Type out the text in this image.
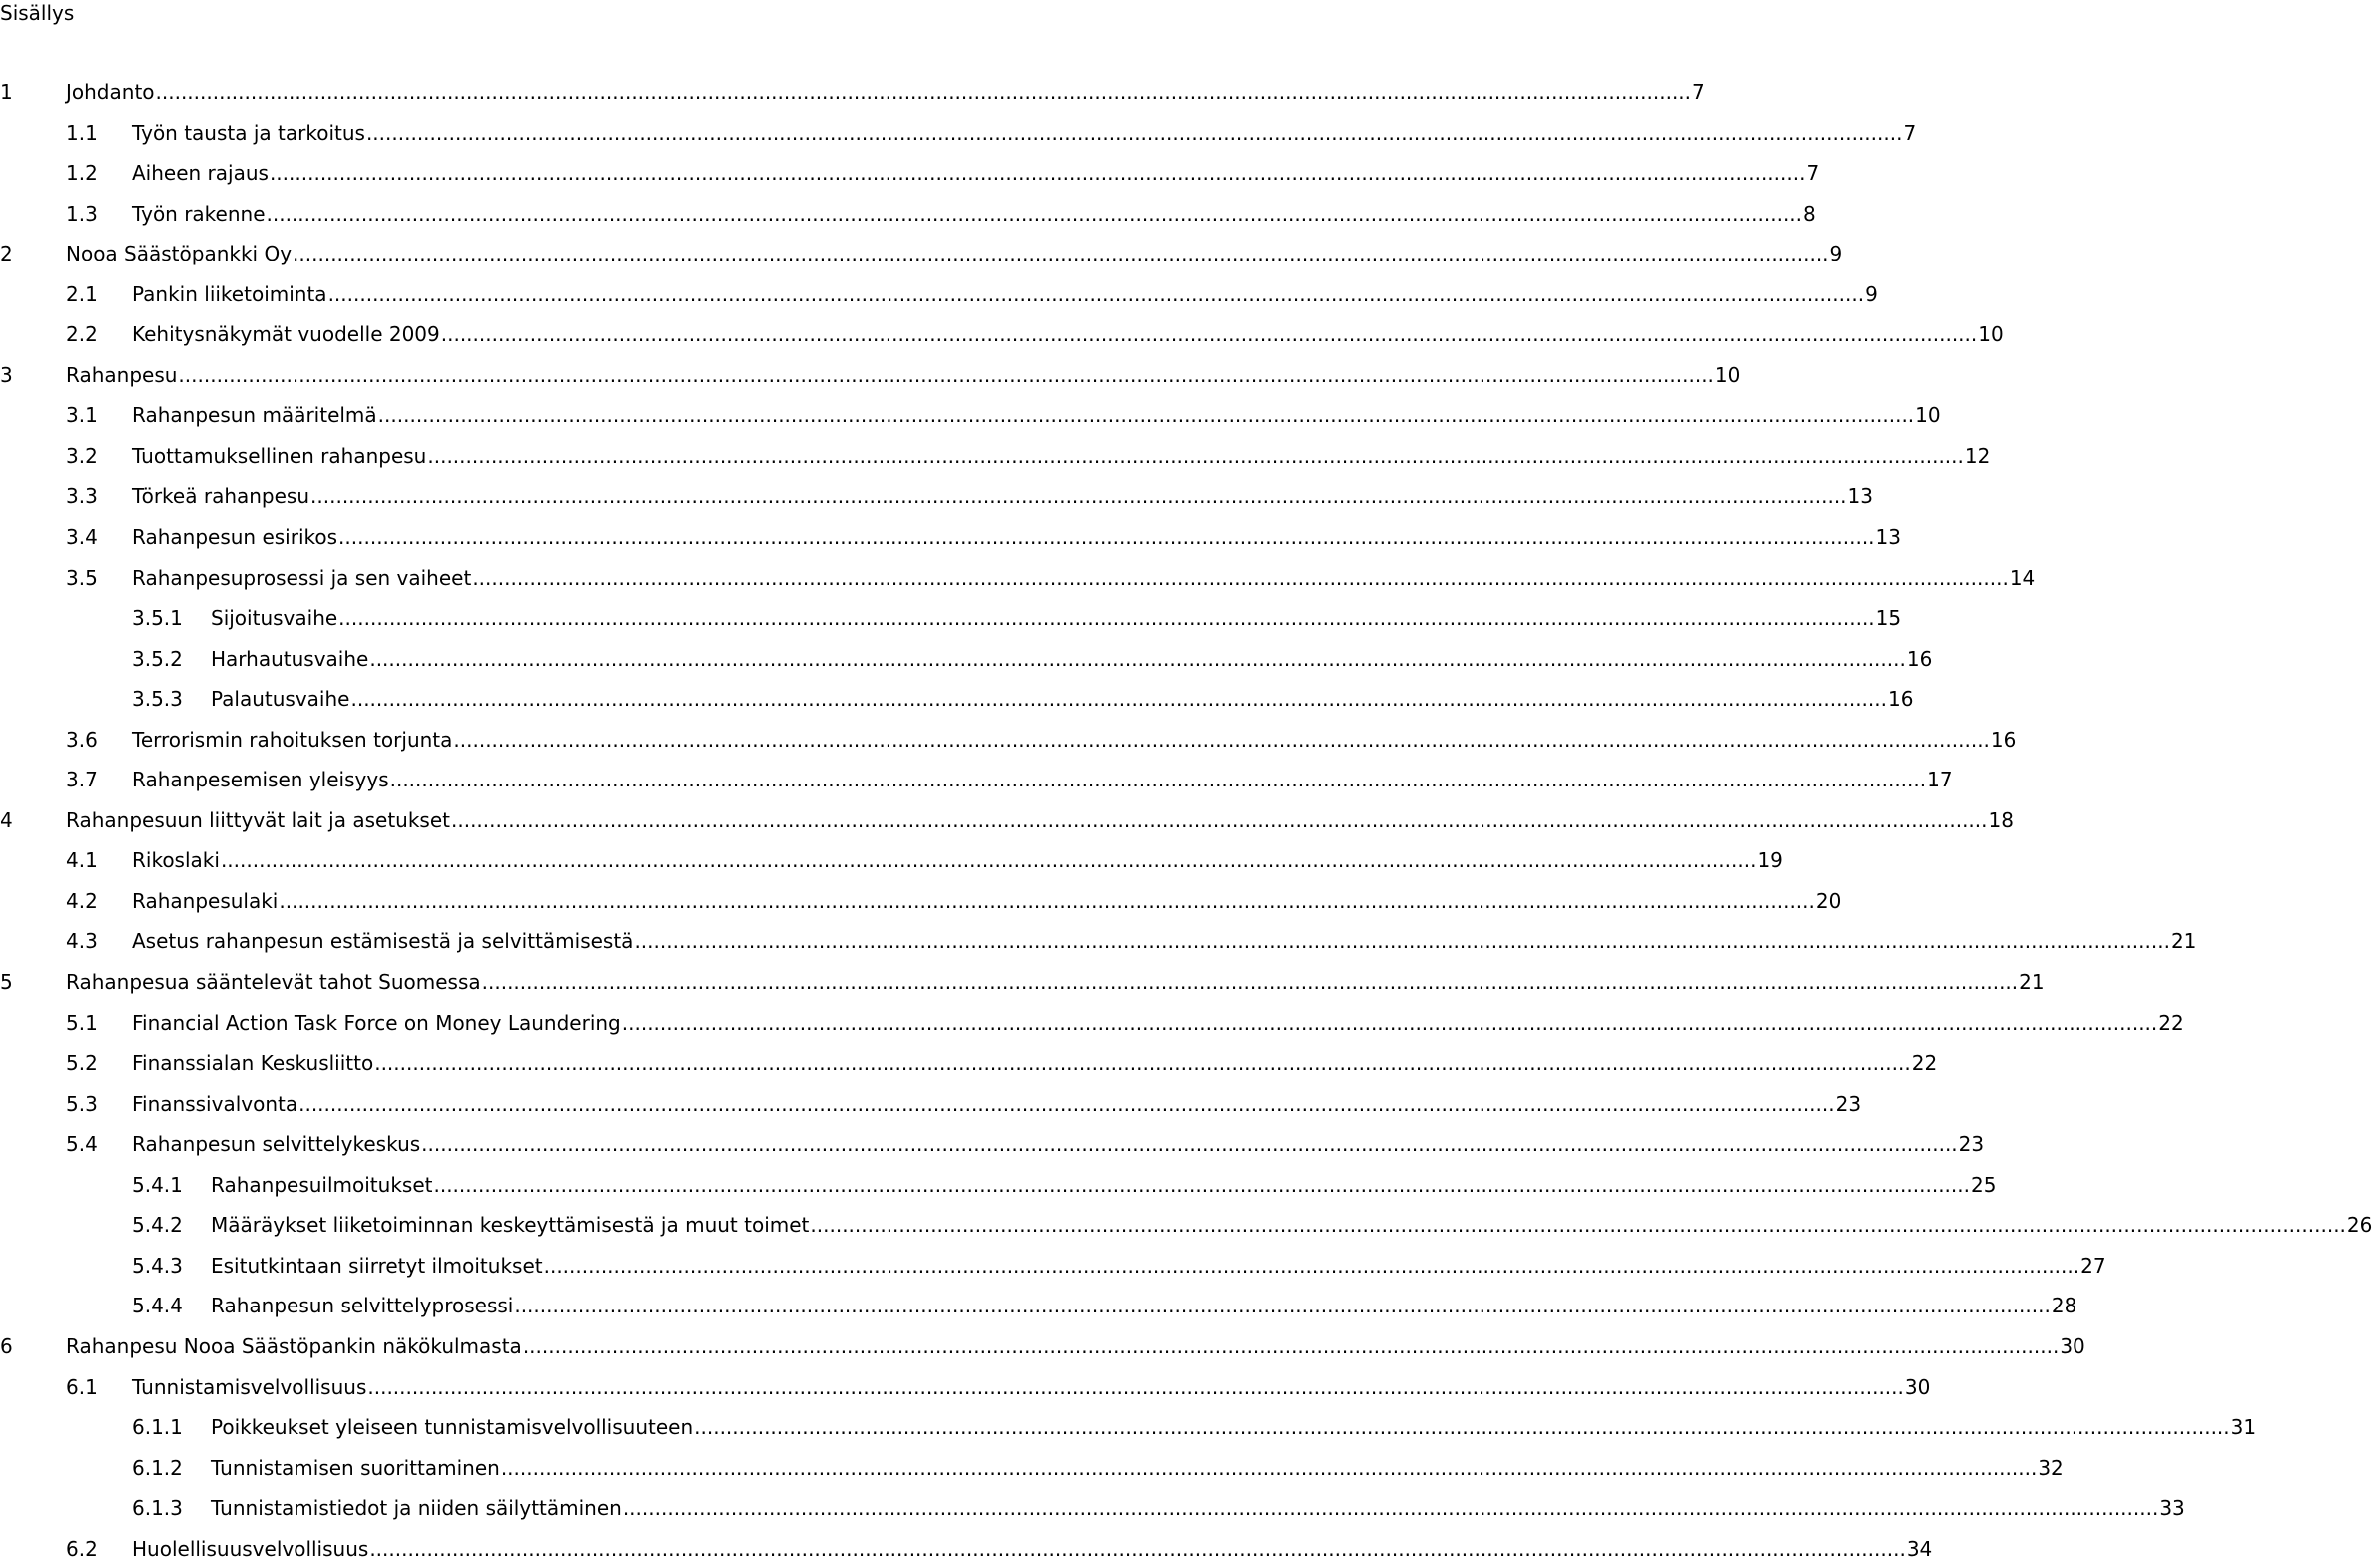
Sisällys
1	Johdanto .................................................................................................................................................................................................................................................. 7
1.1 Työn tausta ja tarkoitus .................................................................................................................................................................................................................................................. 7
1.2 Aiheen rajaus .................................................................................................................................................................................................................................................. 7
1.3 Työn rakenne .................................................................................................................................................................................................................................................. 8
2	Nooa Säästöpankki Oy .................................................................................................................................................................................................................................................. 9
2.1 Pankin liiketoiminta .................................................................................................................................................................................................................................................. 9
2.2 Kehitysnäkymät vuodelle 2009 .................................................................................................................................................................................................................................................. 10
3	Rahanpesu .................................................................................................................................................................................................................................................. 10
3.1 Rahanpesun määritelmä .................................................................................................................................................................................................................................................. 10
3.2 Tuottamuksellinen rahanpesu .................................................................................................................................................................................................................................................. 12
3.3 Törkeä rahanpesu .................................................................................................................................................................................................................................................. 13
3.4 Rahanpesun esirikos .................................................................................................................................................................................................................................................. 13
3.5 Rahanpesuprosessi ja sen vaiheet .................................................................................................................................................................................................................................................. 14
3.5.1 Sijoitusvaihe .................................................................................................................................................................................................................................................. 15
3.5.2 Harhautusvaihe .................................................................................................................................................................................................................................................. 16
3.5.3 Palautusvaihe .................................................................................................................................................................................................................................................. 16
3.6 Terrorismin rahoituksen torjunta .................................................................................................................................................................................................................................................. 16
3.7 Rahanpesemisen yleisyys .................................................................................................................................................................................................................................................. 17
4	Rahanpesuun liittyvät lait ja asetukset .................................................................................................................................................................................................................................................. 18
4.1 Rikoslaki .................................................................................................................................................................................................................................................. 19
4.2 Rahanpesulaki .................................................................................................................................................................................................................................................. 20
4.3 Asetus rahanpesun estämisestä ja selvittämisestä .................................................................................................................................................................................................................................................. 21
5	Rahanpesua sääntelevät tahot Suomessa .................................................................................................................................................................................................................................................. 21
5.1 Financial Action Task Force on Money Laundering .................................................................................................................................................................................................................................................. 22
5.2 Finanssialan Keskusliitto .................................................................................................................................................................................................................................................. 22
5.3 Finanssivalvonta .................................................................................................................................................................................................................................................. 23
5.4 Rahanpesun selvittelykeskus .................................................................................................................................................................................................................................................. 23
5.4.1 Rahanpesuilmoitukset .................................................................................................................................................................................................................................................. 25
5.4.2 Määräykset liiketoiminnan keskeyttämisestä ja muut toimet .................................................................................................................................................................................................................................................. 26
5.4.3 Esitutkintaan siirretyt ilmoitukset .................................................................................................................................................................................................................................................. 27
5.4.4 Rahanpesun selvittelyprosessi .................................................................................................................................................................................................................................................. 28
6	Rahanpesu Nooa Säästöpankin näkökulmasta .................................................................................................................................................................................................................................................. 30
6.1 Tunnistamisvelvollisuus .................................................................................................................................................................................................................................................. 30
6.1.1 Poikkeukset yleiseen tunnistamisvelvollisuuteen .................................................................................................................................................................................................................................................. 31
6.1.2 Tunnistamisen suorittaminen .................................................................................................................................................................................................................................................. 32
6.1.3 Tunnistamistiedot ja niiden säilyttäminen .................................................................................................................................................................................................................................................. 33
6.2 Huolellisuusvelvollisuus .................................................................................................................................................................................................................................................. 34
